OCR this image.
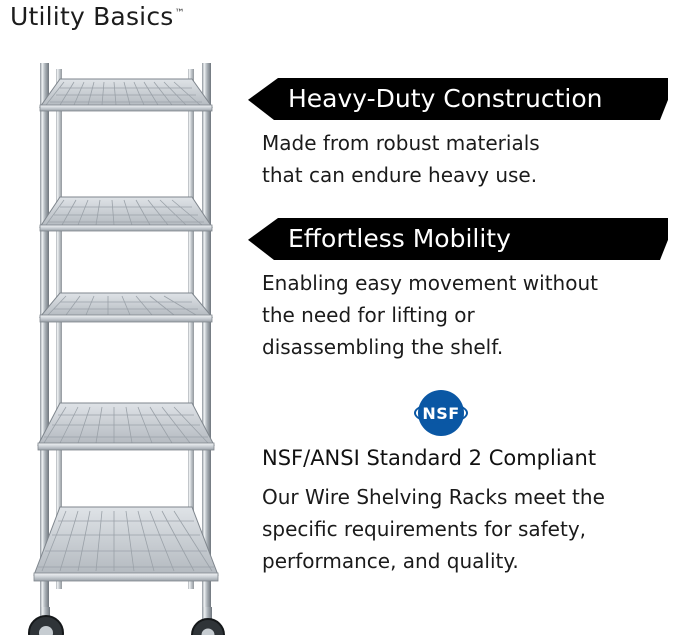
Utility Basics™
Heavy-Duty Construction

Made from robust materials

that can endure heavy use.

Effortless Mobility

Enabling easy movement without

the need for lifting or

disassembling the shelf.

NSF

NSF/ANSI Standard 2 Compliant

Our Wire Shelving Racks meet the

specific requirements for safety,

performance, and quality.
